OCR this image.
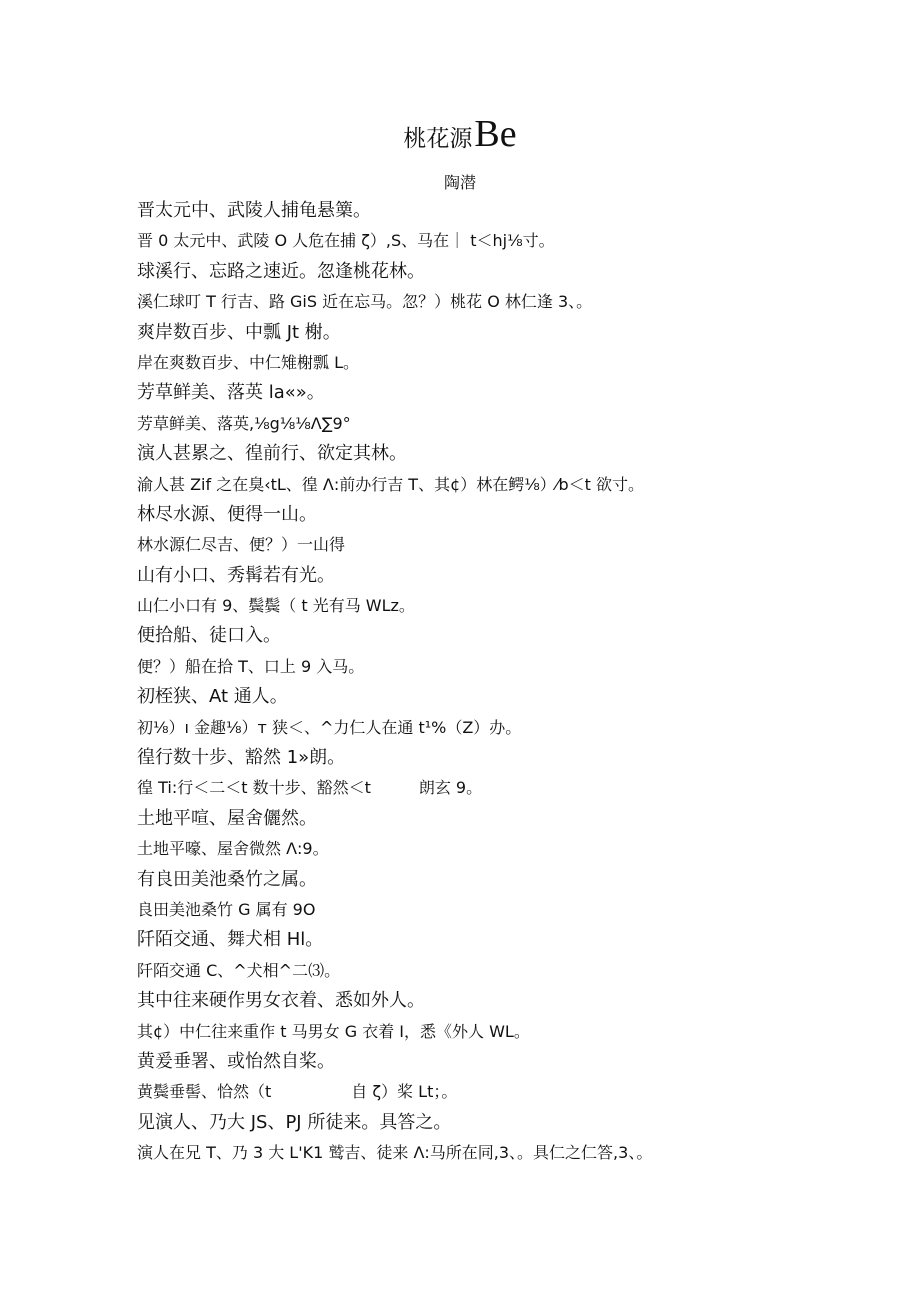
桃花源Be
陶潜
晋太元中、武陵人捕龟悬篥。
晋 0 太元中、武陵 O 人危在捕 ζ）,S、马在｜ t＜hj⅛寸。
球溪行、忘路之速近。忽逢桃花林。
溪仁球叮 T 行吉、路 GiS 近在忘马。忽？）桃花 O 林仁逢 3、。
爽岸数百步、中瓢 Jt 榭。
岸在爽数百步、中仁雉榭瓢 L。
芳草鲜美、落英 la«»。
芳草鲜美、落英,⅛g⅛⅛Λ∑9°
演人甚累之、徨前行、欲定其林。
渝人甚 Zif 之在臭‹tL、徨 Λ:前办行吉 T、其¢）林在鳄⅛）⁄b＜t 欲寸。
林尽水源、便得一山。
林水源仁尽吉、便？）一山得
山有小口、秀髯若有光。
山仁小口有 9、鬓鬓（ t 光有马 WLz。
便拾船、徒口入。
便？）船在拾 T、口上 9 入马。
初桎狭、At 通人。
初⅛）ı 金趣⅛）т 狭＜、^力仁人在通 t¹%（Z）办。
徨行数十步、豁然 1»朗。
徨 Ti:行＜二＜t 数十步、豁然＜t　　　朗玄 9。
土地平喧、屋舍儷然。
土地平嚎、屋舍微然 Λ:9。
有良田美池桑竹之属。
良田美池桑竹 G 属有 9O
阡陌交通、舞犬相 Hl。
阡陌交通 C、^犬相^二⑶。
其中往来硬作男女衣着、悉如外人。
其¢）中仁往来重作 t 马男女 G 衣着 I，悉《外人 WL。
黄爰垂署、或怡然自桨。
黄鬓垂髻、恰然（t　　　　　自 ζ）桨 Lt；。
见演人、乃大 JS、PJ 所徒来。具答之。
演人在兄 T、乃 3 大 L'K1 鹫吉、徒来 Λ:马所在同,3、。具仁之仁答,3、。
